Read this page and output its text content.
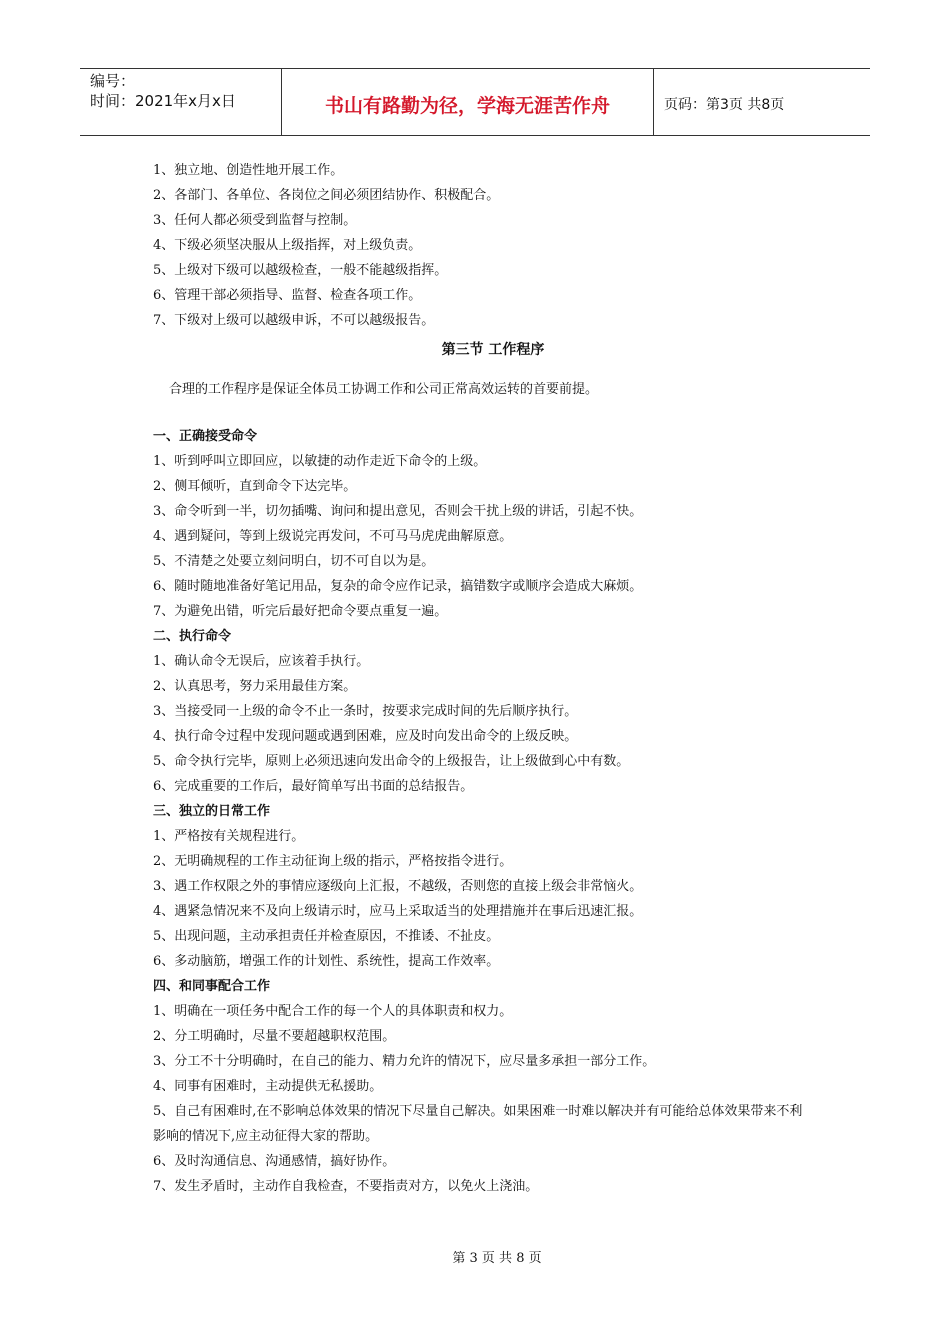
编号：
时间：2021年x月x日	书山有路勤为径，学海无涯苦作舟	页码：第3页 共8页
1、独立地、创造性地开展工作。
2、各部门、各单位、各岗位之间必须团结协作、积极配合。
3、任何人都必须受到监督与控制。
4、下级必须坚决服从上级指挥，对上级负责。
5、上级对下级可以越级检查，一般不能越级指挥。
6、管理干部必须指导、监督、检查各项工作。
7、下级对上级可以越级申诉，不可以越级报告。
第三节 工作程序
合理的工作程序是保证全体员工协调工作和公司正常高效运转的首要前提。
一、正确接受命令
1、听到呼叫立即回应，以敏捷的动作走近下命令的上级。
2、侧耳倾听，直到命令下达完毕。
3、命令听到一半，切勿插嘴、询问和提出意见，否则会干扰上级的讲话，引起不快。
4、遇到疑问，等到上级说完再发问，不可马马虎虎曲解原意。
5、不清楚之处要立刻问明白，切不可自以为是。
6、随时随地准备好笔记用品，复杂的命令应作记录，搞错数字或顺序会造成大麻烦。
7、为避免出错，听完后最好把命令要点重复一遍。
二、执行命令
1、确认命令无误后，应该着手执行。
2、认真思考，努力采用最佳方案。
3、当接受同一上级的命令不止一条时，按要求完成时间的先后顺序执行。
4、执行命令过程中发现问题或遇到困难，应及时向发出命令的上级反映。
5、命令执行完毕，原则上必须迅速向发出命令的上级报告，让上级做到心中有数。
6、完成重要的工作后，最好简单写出书面的总结报告。
三、独立的日常工作
1、严格按有关规程进行。
2、无明确规程的工作主动征询上级的指示，严格按指令进行。
3、遇工作权限之外的事情应逐级向上汇报，不越级，否则您的直接上级会非常恼火。
4、遇紧急情况来不及向上级请示时，应马上采取适当的处理措施并在事后迅速汇报。
5、出现问题，主动承担责任并检查原因，不推诿、不扯皮。
6、多动脑筋，增强工作的计划性、系统性，提高工作效率。
四、和同事配合工作
1、明确在一项任务中配合工作的每一个人的具体职责和权力。
2、分工明确时，尽量不要超越职权范围。
3、分工不十分明确时，在自己的能力、精力允许的情况下，应尽量多承担一部分工作。
4、同事有困难时，主动提供无私援助。
5、自己有困难时,在不影响总体效果的情况下尽量自己解决。如果困难一时难以解决并有可能给总体效果带来不利影响的情况下,应主动征得大家的帮助。
6、及时沟通信息、沟通感情，搞好协作。
7、发生矛盾时，主动作自我检查，不要指责对方，以免火上浇油。
第 3 页 共 8 页
